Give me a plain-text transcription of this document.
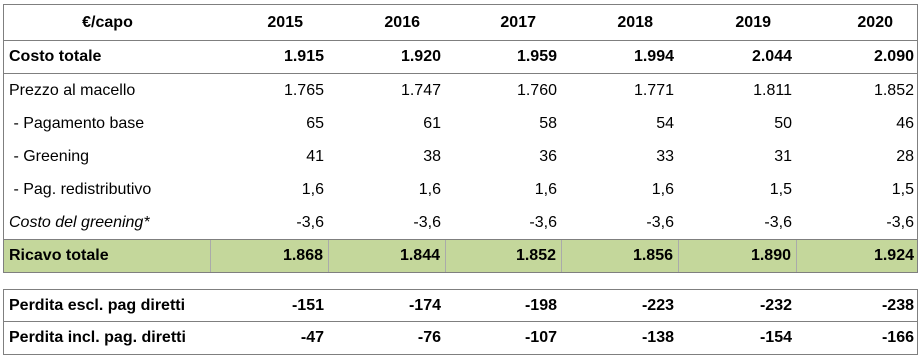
€/capo	2015	2016	2017	2018	2019	2020
Costo totale	1.915	1.920	1.959	1.994	2.044	2.090
Prezzo al macello	1.765	1.747	1.760	1.771	1.811	1.852
- Pagamento base	65	61	58	54	50	46
- Greening	41	38	36	33	31	28
- Pag. redistributivo	1,6	1,6	1,6	1,6	1,5	1,5
Costo del greening*	-3,6	-3,6	-3,6	-3,6	-3,6	-3,6
Ricavo totale	1.868	1.844	1.852	1.856	1.890	1.924
Perdita escl. pag diretti	-151	-174	-198	-223	-232	-238
Perdita incl. pag. diretti	-47	-76	-107	-138	-154	-166
